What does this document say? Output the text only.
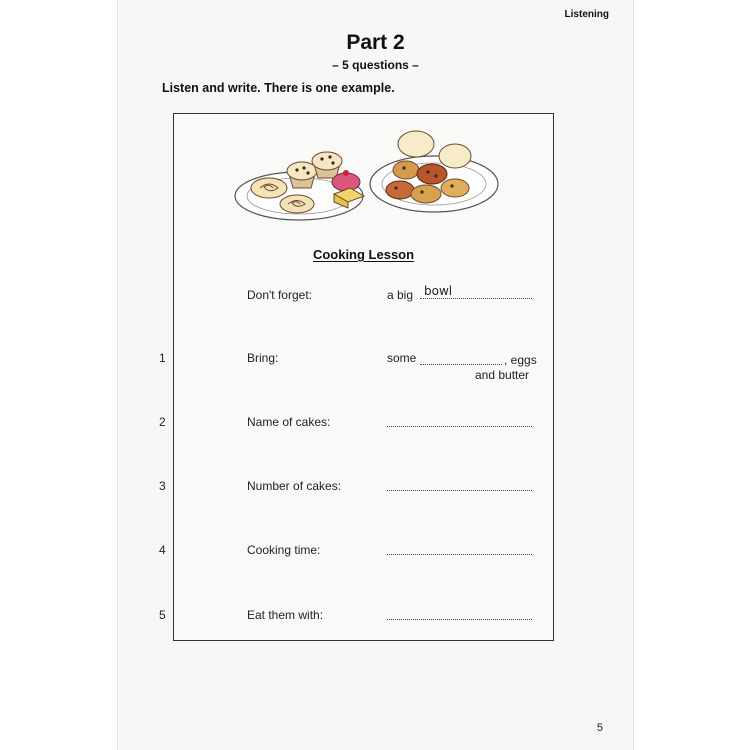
Listening
Part 2
– 5 questions –
Listen and write. There is one example.
Cooking Lesson
Don't forget:	a big bowl
1	Bring:	some	, eggs
and butter
2	Name of cakes:
3	Number of cakes:
4	Cooking time:
5	Eat them with:
5
